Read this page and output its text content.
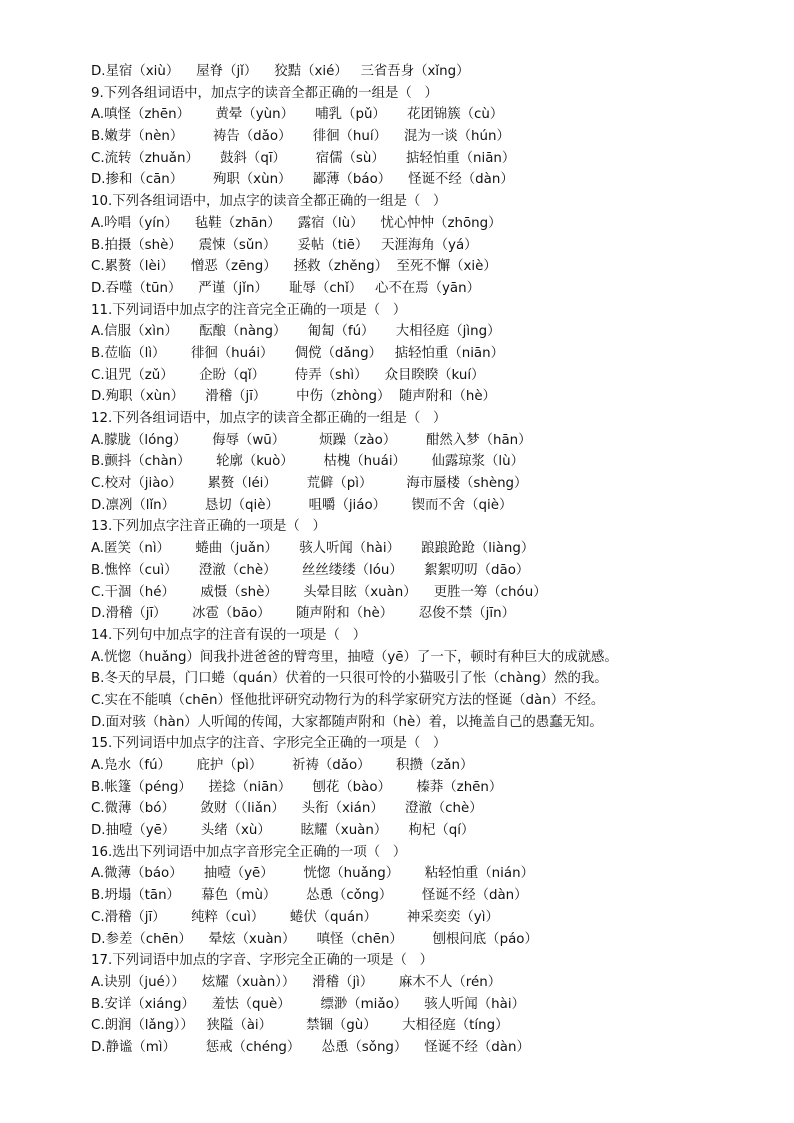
D.星宿（xiù）    屋脊（jǐ）    狡黠（xié）   三省吾身（xǐng）
9.下列各组词语中，加点字的读音全都正确的一组是（   ）
A.嗔怪（zhēn）      黄晕（yùn）     哺乳（pǔ）     花团锦簇（cù）
B.嫩芽（nèn）       祷告（dǎo）     徘徊（huí）    混为一谈（hún）
C.流转（zhuǎn）     鼓斜（qī）       宿儒（sù）     掂轻怕重（niān）
D.掺和（cān）       殉职（xùn）     鄙薄（báo）    怪诞不经（dàn）
10.下列各组词语中，加点字的读音全都正确的一组是（   ）
A.吟唱（yín）    毡鞋（zhān）    露宿（lù）    忧心忡忡（zhōng）
B.拍摄（shè）    震悚（sǔn）     妥帖（tiē）   天涯海角（yá）
C.累赘（lèi）    憎恶（zēng）    拯救（zhěng）  至死不懈（xiè）
D.吞噬（tūn）    严谨（jǐn）     耻辱（chǐ）   心不在焉（yān）
11.下列词语中加点字的注音完全正确的一项是（   ）
A.信服（xìn）     酝酿（nàng）     匍匐（fú）     大相径庭（jìng）
B.莅临（lì）      徘徊（huái）     倜傥（dǎng）   掂轻怕重（niān）
C.诅咒（zǔ）      企盼（qǐ）       侍弄（shì）    众目睽睽（kuí）
D.殉职（xùn）     滑稽（jī）       中伤（zhòng）  随声附和（hè）
12.下列各组词语中，加点字的读音全都正确的一组是（   ）
A.朦胧（lóng）      侮辱（wū）        烦躁（zào）       酣然入梦（hān）
B.颤抖（chàn）      轮廓（kuò）       枯槐（huái）      仙露琼浆（lù）
C.校对（jiào）      累赘（léi）       荒僻（pì）        海市蜃楼（shèng）
D.凛冽（lǐn）       恳切（qiè）       咀嚼（jiáo）      锲而不舍（qiè）
13.下列加点字注音正确的一项是（   ）
A.匿笑（nì）      蜷曲（juǎn）     骇人听闻（hài）     踉踉跄跄（liàng）
B.憔悴（cuì）     澄澈（chè）      丝丝缕缕（lóu）     絮絮叨叨（dāo）
C.干涸（hé）      威慑（shè）      头晕目眩（xuàn）    更胜一筹（chóu）
D.滑稽（jī）      冰雹（bāo）      随声附和（hè）      忍俊不禁（jīn）
14.下列句中加点字的注音有误的一项是（   ）
A.恍惚（huǎng）间我扑进爸爸的臂弯里，抽噎（yē）了一下，顿时有种巨大的成就感。
B.冬天的早晨，门口蜷（quán）伏着的一只很可怜的小猫吸引了怅（chàng）然的我。
C.实在不能嗔（chēn）怪他批评研究动物行为的科学家研究方法的怪诞（dàn）不经。
D.面对骇（hàn）人听闻的传闻，大家都随声附和（hè）着，以掩盖自己的愚蠢无知。
15.下列词语中加点字的注音、字形完全正确的一项是（   ）
A.凫水（fú）      庇护（pì）       祈祷（dǎo）      积攒（zǎn）
B.帐篷（péng）    搓捻（niān）     刨花（bào）      榛莽（zhēn）
C.微薄（bó）      敛财（（liǎn）    头衔（xián）     澄澈（chè）
D.抽噎（yē）      头绪（xù）       眩耀（xuàn）     枸杞（qí）
16.选出下列词语中加点字音形完全正确的一项（   ）
A.微薄（báo）     抽噎（yē）       恍惚（huǎng）      粘轻怕重（nián）
B.坍塌（tān）     幕色（mù）       怂恿（cǒng）       怪诞不经（dàn）
C.滑稽（jī）      纯粹（cuì）      蜷伏（quán）       神采奕奕（yì）
D.参差（chēn）    晕炫（xuàn）     嗔怪（chēn）       刨根问底（páo）
17.下列词语中加点的字音、字形完全正确的一项是（   ）
A.诀别（jué））    炫耀（xuàn））    滑稽（jì）      麻木不人（rén）
B.安详（xiáng）    羞怯（què）       缥渺（miǎo）    骇人听闻（hài）
C.朗润（lǎng））   狭隘（ài）        禁锢（gù）      大相径庭（tíng）
D.静谧（mì）       惩戒（chéng）     怂恿（sǒng）    怪诞不经（dàn）
